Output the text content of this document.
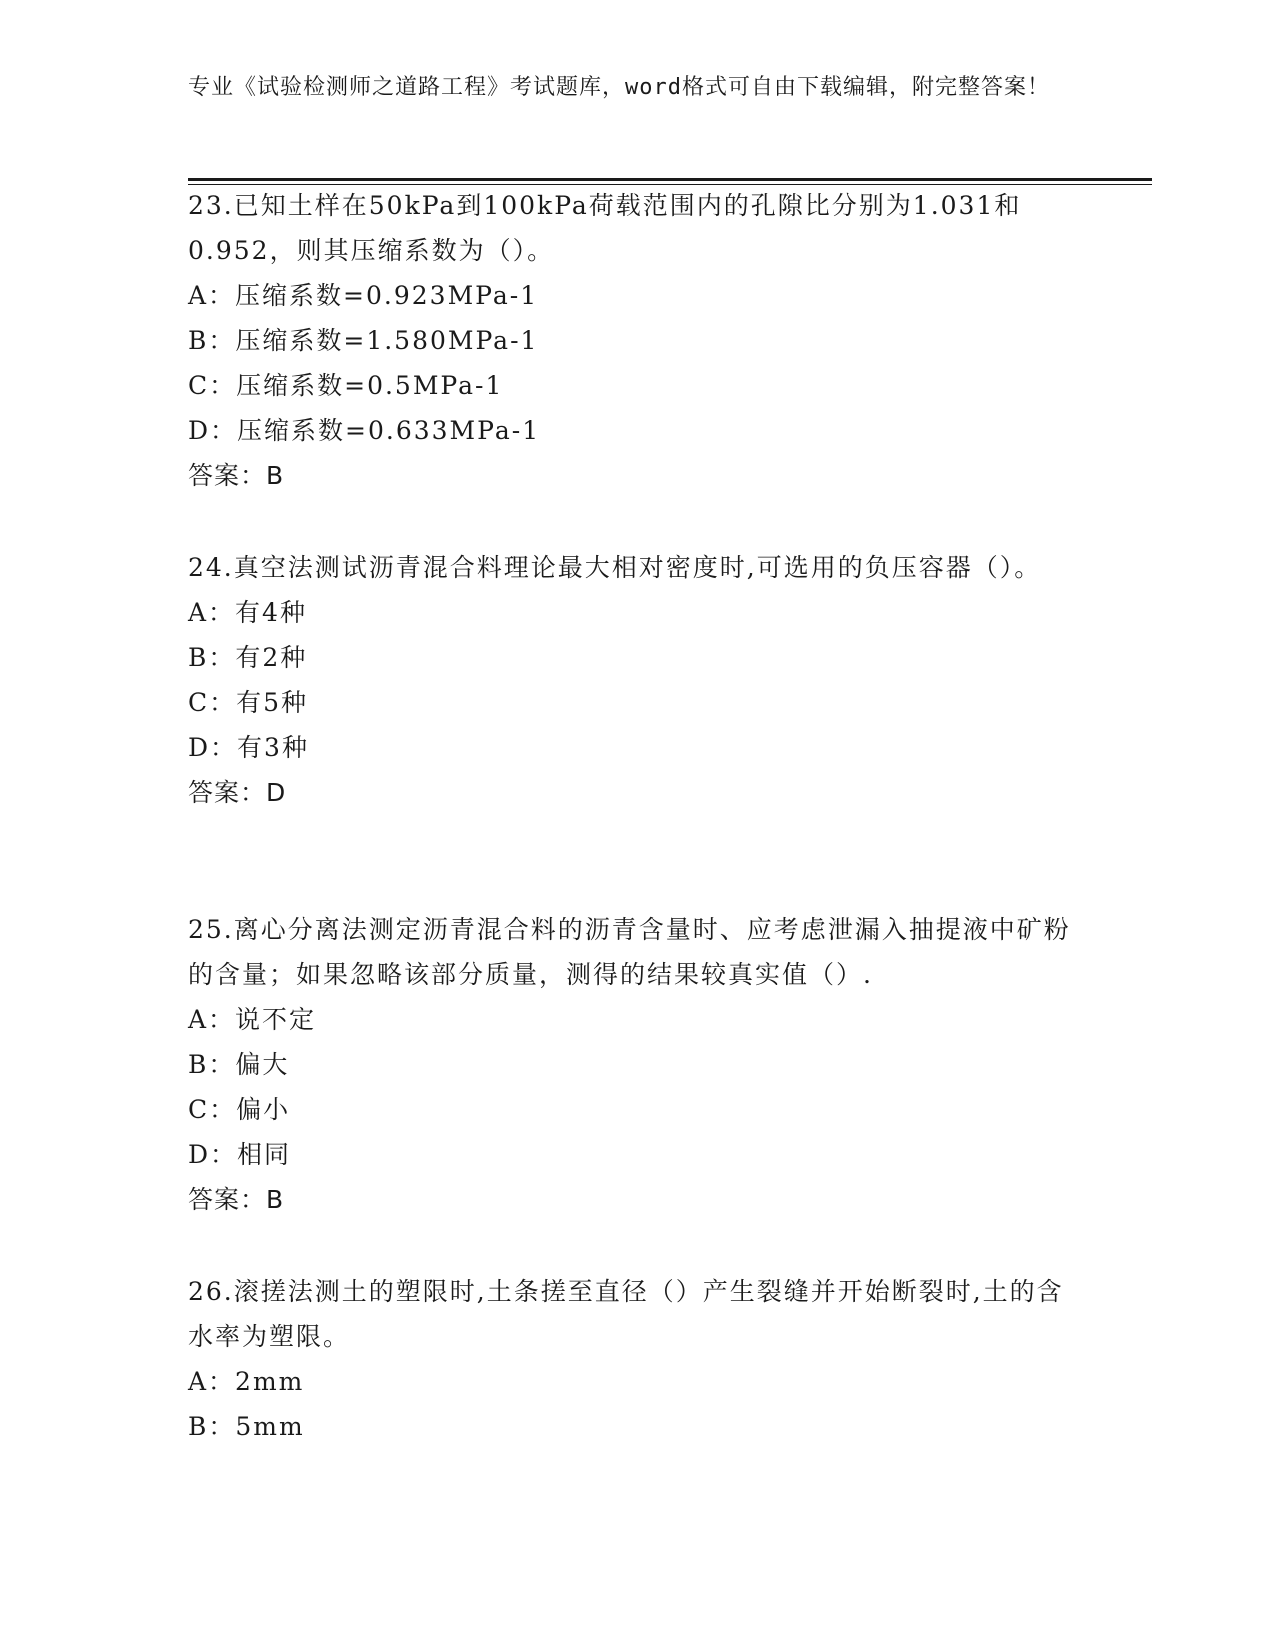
专业《试验检测师之道路工程》考试题库，word格式可自由下载编辑，附完整答案！

23.已知土样在50kPa到100kPa荷载范围内的孔隙比分别为1.031和0.952，则其压缩系数为（）。

A：压缩系数=0.923MPa-1
B：压缩系数=1.580MPa-1
C：压缩系数=0.5MPa-1
D：压缩系数=0.633MPa-1
答案：B

24.真空法测试沥青混合料理论最大相对密度时,可选用的负压容器（）。

A：有4种
B：有2种
C：有5种
D：有3种
答案：D

25.离心分离法测定沥青混合料的沥青含量时、应考虑泄漏入抽提液中矿粉的含量；如果忽略该部分质量，测得的结果较真实值（）.

A：说不定
B：偏大
C：偏小
D：相同
答案：B

26.滚搓法测土的塑限时,土条搓至直径（）产生裂缝并开始断裂时,土的含水率为塑限。

A：2mm
B：5mm
